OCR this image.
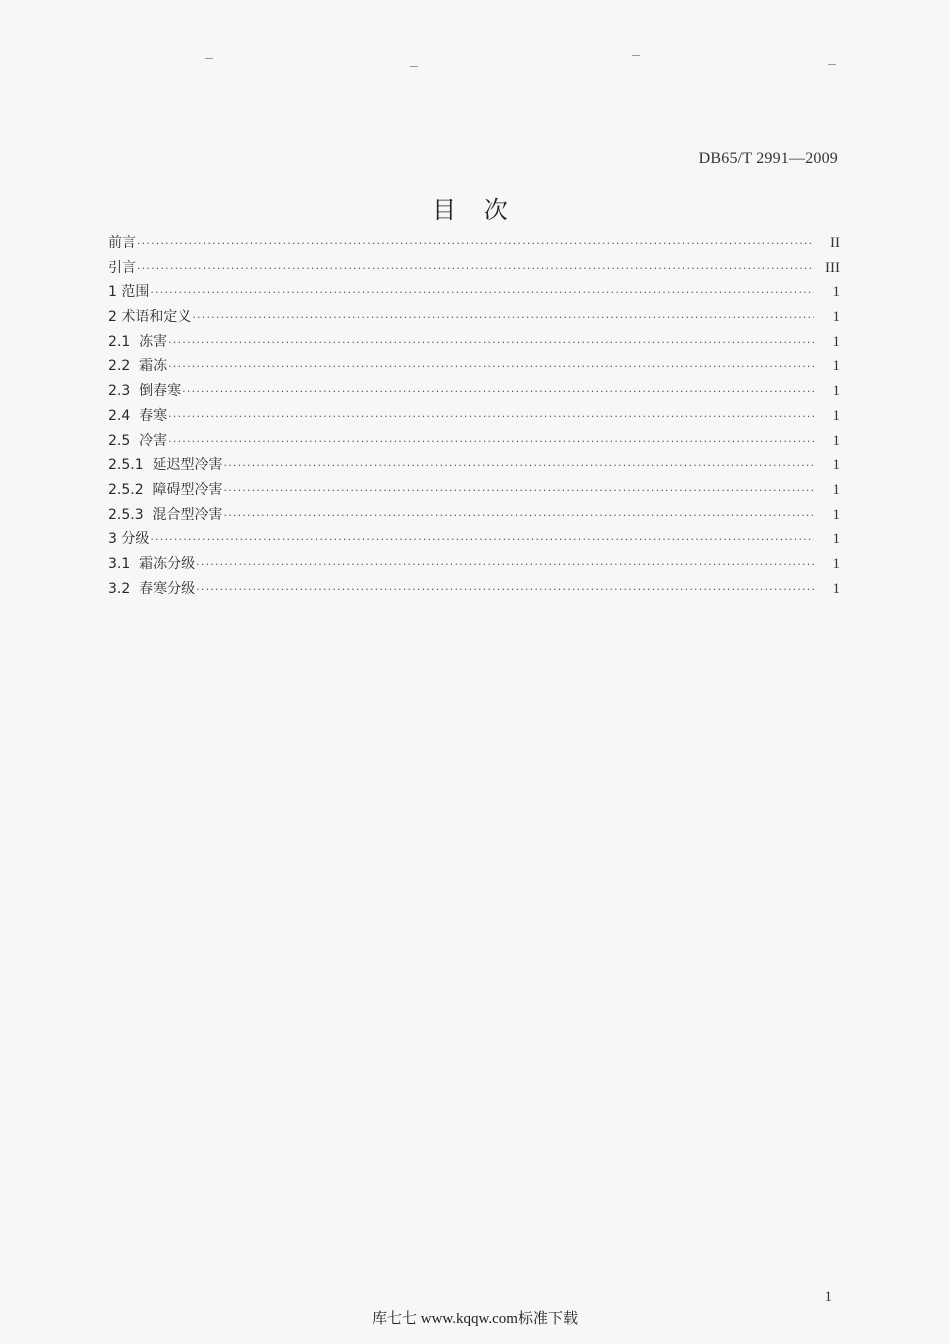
DB65/T 2991—2009
目 次
前言 ·····	II
引言 ·····	III
1 范围 ·····	1
2 术语和定义 ·····	1
2.1  冻害 ·····	1
2.2  霜冻 ·····	1
2.3  倒春寒 ·····	1
2.4  春寒 ·····	1
2.5  冷害 ·····	1
2.5.1  延迟型冷害 ·····	1
2.5.2  障碍型冷害 ·····	1
2.5.3  混合型冷害 ·····	1
3 分级 ·····	1
3.1  霜冻分级 ·····	1
3.2  春寒分级 ·····	1
1
库七七 www.kqqw.com标准下载
